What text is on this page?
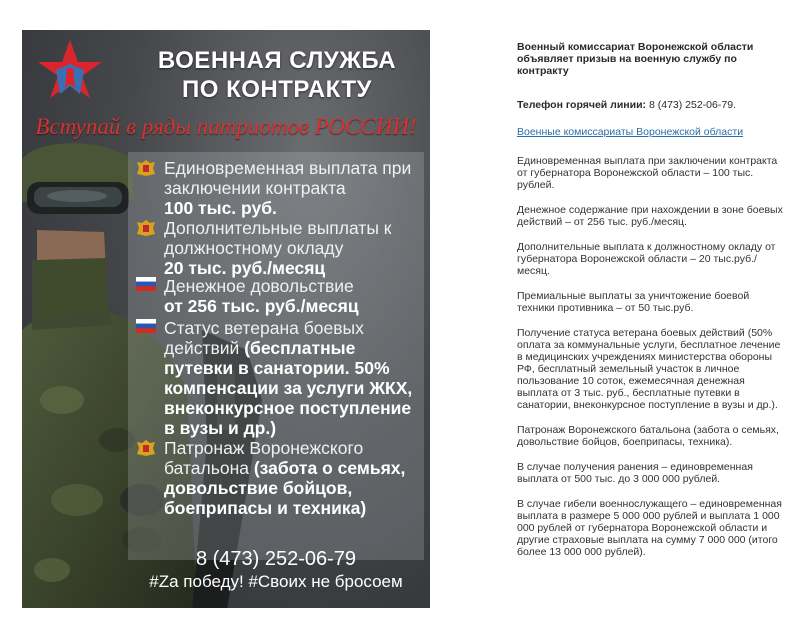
ВОЕННАЯ СЛУЖБА
ПО КОНТРАКТУ
Вступай в ряды патриотов РОССИИ!
Единовременная выплата при
заключении контракта
100 тыс. руб.
Дополнительные выплаты к
должностному окладу
20 тыс. руб./месяц
Денежное довольствие
от 256 тыс. руб./месяц
Статус ветерана боевых
действий (бесплатные
путевки в санатории. 50%
компенсации за услуги ЖКХ,
внеконкурсное поступление
в вузы и др.)
Патронаж Воронежского
батальона (забота о семьях,
довольствие бойцов,
боеприпасы и техника)
8 (473) 252-06-79
#Za победу! #Своих не бросоем
Военный комиссариат Воронежской области объявляет призыв на военную службу по контракту
Телефон горячей линии: 8 (473) 252-06-79.
Военные комиссариаты Воронежской области
Единовременная выплата при заключении контракта от губернатора Воронежской области – 100 тыс. рублей.
Денежное содержание при нахождении в зоне боевых действий – от 256 тыс. руб./месяц.
Дополнительные выплата к должностному окладу от губернатора Воронежской области – 20 тыс.руб./месяц.
Премиальные выплаты за уничтожение боевой техники противника – от 50 тыс.руб.
Получение статуса ветерана боевых действий (50% оплата за коммунальные услуги, бесплатное лечение в медицинских учреждениях министерства обороны РФ, бесплатный земельный участок в личное пользование 10 соток, ежемесячная денежная выплата от 3 тыс. руб., бесплатные путевки в санатории, внеконкурсное поступление в вузы и др.).
Патронаж Воронежского батальона (забота о семьях, довольствие бойцов, боеприпасы, техника).
В случае получения ранения – единовременная выплата от 500 тыс. до 3 000 000 рублей.
В случае гибели военнослужащего – единовременная выплата в размере 5 000 000 рублей и выплата 1 000 000 рублей от губернатора Воронежской области и другие страховые выплата на сумму 7 000 000 (итого более 13 000 000 рублей).
